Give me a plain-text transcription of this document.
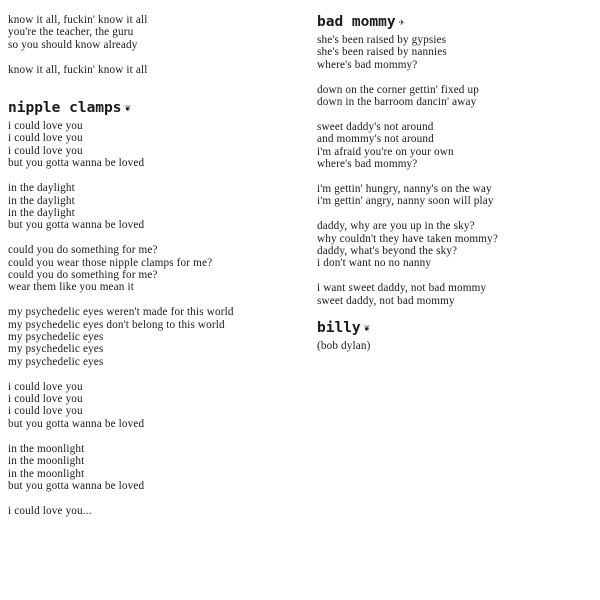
know it all, fuckin' know it all
you're the teacher, the guru
so you should know already
know it all, fuckin' know it all
nipple clamps ❦
i could love you
i could love you
i could love you
but you gotta wanna be loved
in the daylight
in the daylight
in the daylight
but you gotta wanna be loved
could you do something for me?
could you wear those nipple clamps for me?
could you do something for me?
wear them like you mean it
my psychedelic eyes weren't made for this world
my psychedelic eyes don't belong to this world
my psychedelic eyes
my psychedelic eyes
my psychedelic eyes
i could love you
i could love you
i could love you
but you gotta wanna be loved
in the moonlight
in the moonlight
in the moonlight
but you gotta wanna be loved
i could love you...
bad mommy ✈
she's been raised by gypsies
she's been raised by nannies
where's bad mommy?
down on the corner gettin' fixed up
down in the barroom dancin' away
sweet daddy's not around
and mommy's not around
i'm afraid you're on your own
where's bad mommy?
i'm gettin' hungry, nanny's on the way
i'm gettin' angry, nanny soon will play
daddy, why are you up in the sky?
why couldn't they have taken mommy?
daddy, what's beyond the sky?
i don't want no no nanny
i want sweet daddy, not bad mommy
sweet daddy, not bad mommy
billy ❦
(bob dylan)
